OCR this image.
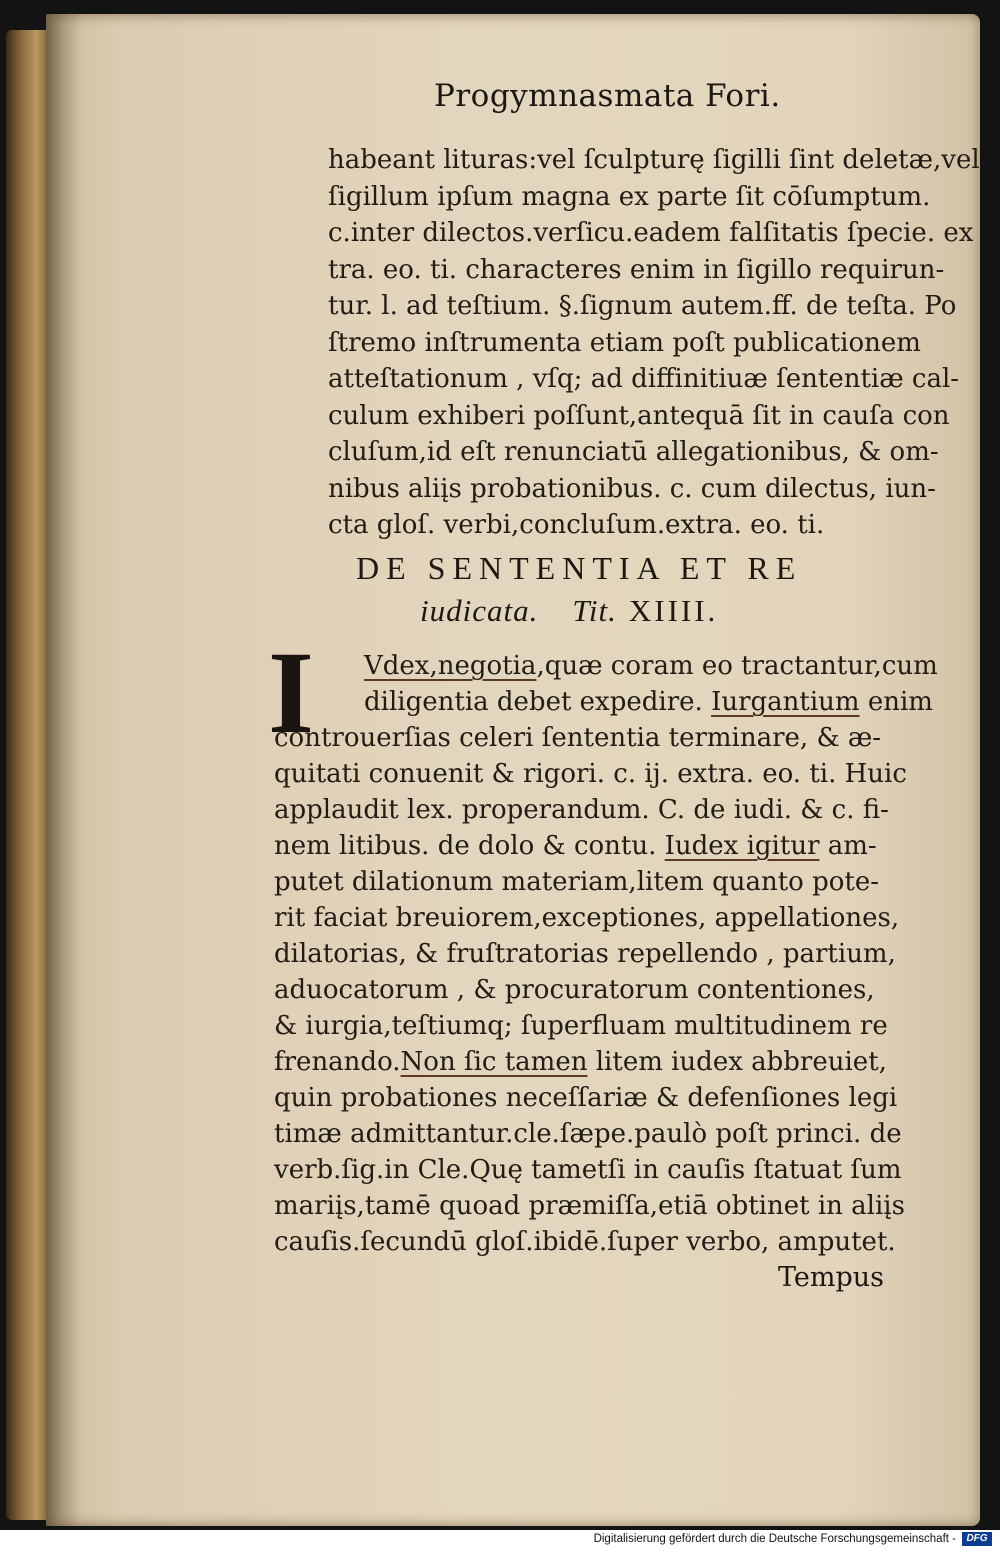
Progymnasmata Fori.
habeant lituras:vel ſculpturę ſigilli ſint deletæ,vel
ſigillum ipſum magna ex parte ſit cōſumptum.
c.inter dilectos.verſicu.eadem falſitatis ſpecie. ex
tra. eo. ti. characteres enim in ſigillo requirun-
tur. l. ad teſtium. §.ſignum autem.ff. de teſta. Po
ſtremo inſtrumenta etiam poſt publicationem
atteſtationum , vſq; ad diffinitiuæ ſententiæ cal-
culum exhiberi poſſunt,antequā ſit in cauſa con
cluſum,id eſt renunciatū allegationibus, & om-
nibus aliįs probationibus. c. cum dilectus, iun-
cta gloſ. verbi,concluſum.extra. eo. ti.
DE SENTENTIA ET RE
iudicata. Tit. XIIII.
I Vdex,negotia,quæ coram eo tractantur,cum
diligentia debet expedire. Iurgantium enim
controuerſias celeri ſententia terminare, & æ-
quitati conuenit & rigori. c. ij. extra. eo. ti. Huic
applaudit lex. properandum. C. de iudi. & c. fi-
nem litibus. de dolo & contu. Iudex igitur am-
putet dilationum materiam,litem quanto pote-
rit faciat breuiorem,exceptiones, appellationes,
dilatorias, & fruſtratorias repellendo , partium,
aduocatorum , & procuratorum contentiones,
& iurgia,teſtiumq; ſuperfluam multitudinem re
frenando.Non ſic tamen litem iudex abbreuiet,
quin probationes neceſſariæ & defenſiones legi
timæ admittantur.cle.ſæpe.paulò poſt princi. de
verb.ſig.in Cle.Quę tametſi in cauſis ſtatuat ſum
mariįs,tamē quoad præmiſſa,etiā obtinet in aliįs
cauſis.ſecundū gloſ.ibidē.ſuper verbo, amputet.
Tempus
Digitalisierung gefördert durch die Deutsche Forschungsgemeinschaft -	DFG
